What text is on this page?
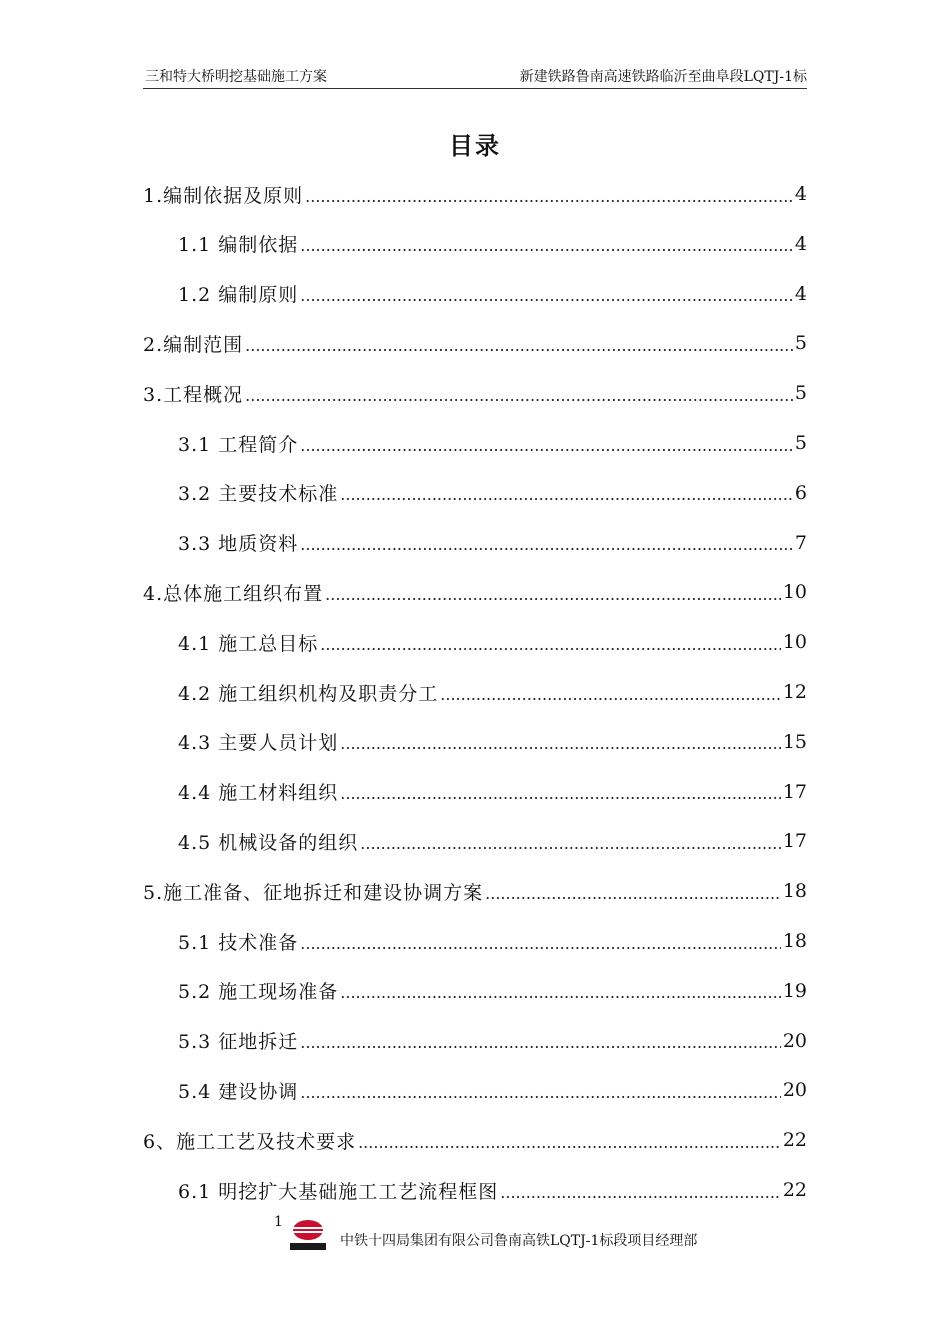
三和特大桥明挖基础施工方案	新建铁路鲁南高速铁路临沂至曲阜段LQTJ-1标
目录
1.编制依据及原则 .....	4
1.1 编制依据 .....	4
1.2 编制原则 .....	4
2.编制范围 .....	5
3.工程概况 .....	5
3.1 工程简介 .....	5
3.2 主要技术标准 .....	6
3.3 地质资料 .....	7
4.总体施工组织布置 .....	10
4.1 施工总目标 .....	10
4.2 施工组织机构及职责分工 .....	12
4.3 主要人员计划 .....	15
4.4 施工材料组织 .....	17
4.5 机械设备的组织 .....	17
5.施工准备、征地拆迁和建设协调方案 .....	18
5.1 技术准备 .....	18
5.2 施工现场准备 .....	19
5.3 征地拆迁 .....	20
5.4 建设协调 .....	20
6、施工工艺及技术要求 .....	22
6.1 明挖扩大基础施工工艺流程框图 .....	22
1
中铁十四局集团有限公司鲁南高铁LQTJ-1标段项目经理部
